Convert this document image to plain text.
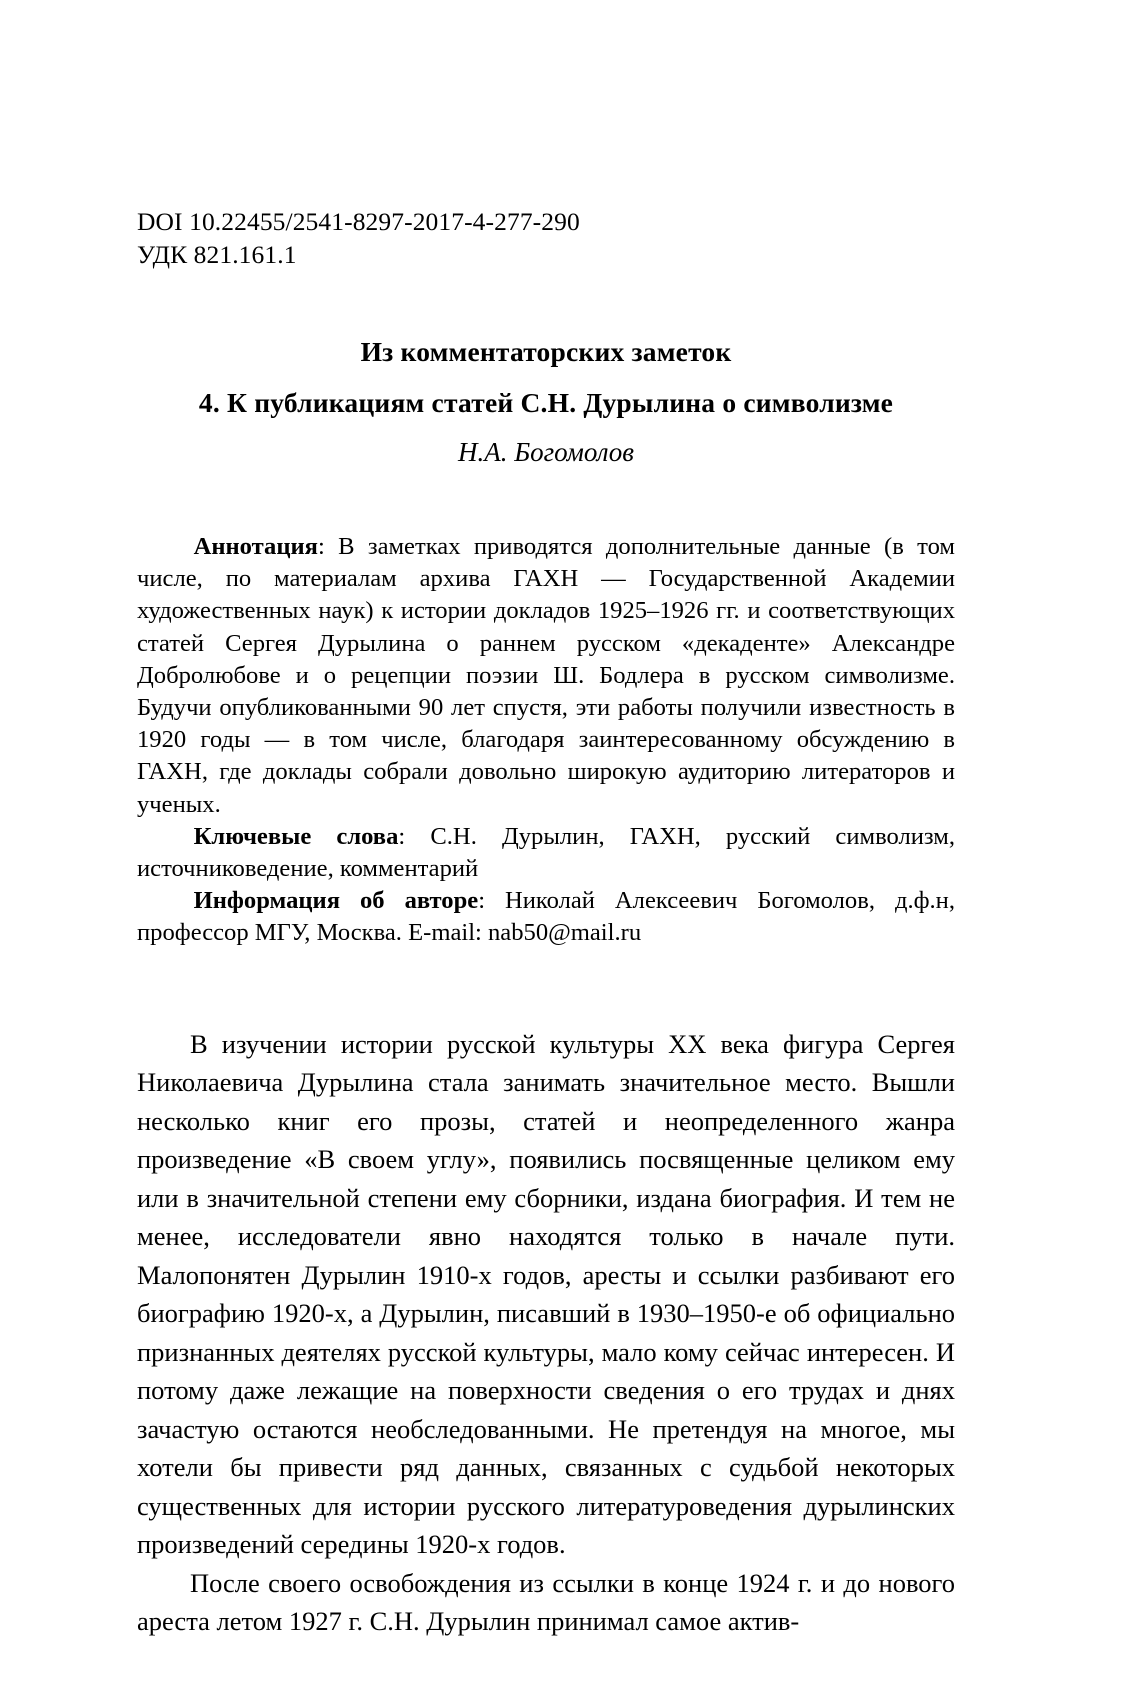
DOI 10.22455/2541-8297-2017-4-277-290
УДК 821.161.1
Из комментаторских заметок
4. К публикациям статей С.Н. Дурылина о символизме
Н.А. Богомолов

Аннотация: В заметках приводятся дополнительные данные (в том числе, по материалам архива ГАХН — Государственной Академии художественных наук) к истории докладов 1925–1926 гг. и соответствующих статей Сергея Дурылина о раннем русском «декаденте» Александре Добролюбове и о рецепции поэзии Ш. Бодлера в русском символизме. Будучи опубликованными 90 лет спустя, эти работы получили известность в 1920 годы — в том числе, благодаря заинтересованному обсуждению в ГАХН, где доклады собрали довольно широкую аудиторию литераторов и ученых.

Ключевые слова: С.Н. Дурылин, ГАХН, русский символизм, источниковедение, комментарий

Информация об авторе: Николай Алексеевич Богомолов, д.ф.н, профессор МГУ, Москва. E-mail: nab50@mail.ru

В изучении истории русской культуры XX века фигура Сергея Николаевича Дурылина стала занимать значительное место. Вышли несколько книг его прозы, статей и неопределенного жанра произведение «В своем углу», появились посвященные целиком ему или в значительной степени ему сборники, издана биография. И тем не менее, исследователи явно находятся только в начале пути. Малопонятен Дурылин 1910-х годов, аресты и ссылки разбивают его биографию 1920-х, а Дурылин, писавший в 1930–1950-е об официально признанных деятелях русской культуры, мало кому сейчас интересен. И потому даже лежащие на поверхности сведения о его трудах и днях зачастую остаются необследованными. Не претендуя на многое, мы хотели бы привести ряд данных, связанных с судьбой некоторых существенных для истории русского литературоведения дурылинских произведений середины 1920-х годов.

После своего освобождения из ссылки в конце 1924 г. и до нового ареста летом 1927 г. С.Н. Дурылин принимал самое актив-
